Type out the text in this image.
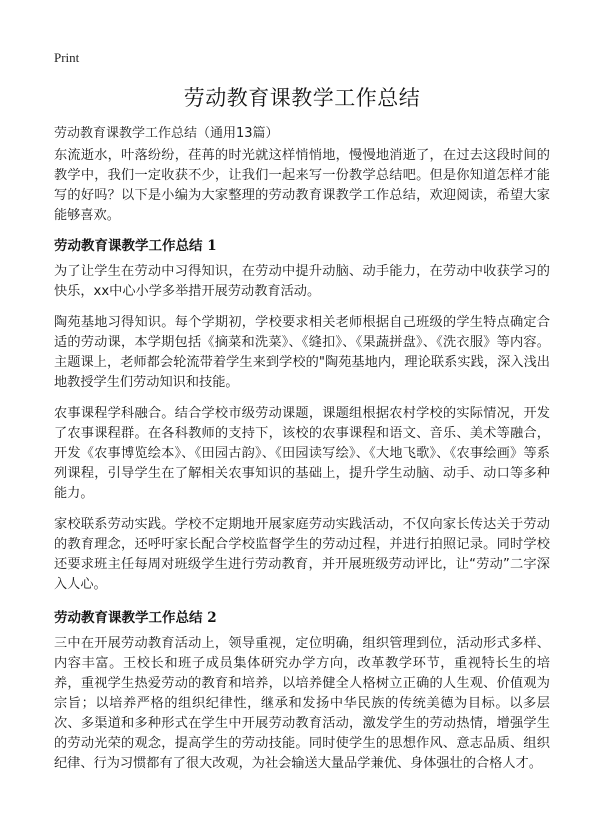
Print
劳动教育课教学工作总结
劳动教育课教学工作总结（通用13篇）

东流逝水，叶落纷纷，荏苒的时光就这样悄悄地，慢慢地消逝了，在过去这段时间的教学中，我们一定收获不少，让我们一起来写一份教学总结吧。但是你知道怎样才能写的好吗？以下是小编为大家整理的劳动教育课教学工作总结，欢迎阅读，希望大家能够喜欢。

劳动教育课教学工作总结 1

为了让学生在劳动中习得知识，在劳动中提升动脑、动手能力，在劳动中收获学习的快乐，xx中心小学多举措开展劳动教育活动。

陶苑基地习得知识。每个学期初，学校要求相关老师根据自己班级的学生特点确定合适的劳动课，本学期包括《摘菜和洗菜》、《缝扣》、《果蔬拼盘》、《洗衣服》等内容。主题课上，老师都会轮流带着学生来到学校的"陶苑基地内，理论联系实践，深入浅出地教授学生们劳动知识和技能。

农事课程学科融合。结合学校市级劳动课题，课题组根据农村学校的实际情况，开发了农事课程群。在各科教师的支持下，该校的农事课程和语文、音乐、美术等融合，开发《农事博览绘本》、《田园古韵》、《田园读写绘》、《大地飞歌》、《农事绘画》等系列课程，引导学生在了解相关农事知识的基础上，提升学生动脑、动手、动口等多种能力。

家校联系劳动实践。学校不定期地开展家庭劳动实践活动，不仅向家长传达关于劳动的教育理念，还呼吁家长配合学校监督学生的劳动过程，并进行拍照记录。同时学校还要求班主任每周对班级学生进行劳动教育，并开展班级劳动评比，让“劳动”二字深入人心。

劳动教育课教学工作总结 2

三中在开展劳动教育活动上，领导重视，定位明确，组织管理到位，活动形式多样、内容丰富。王校长和班子成员集体研究办学方向，改革教学环节，重视特长生的培养，重视学生热爱劳动的教育和培养，以培养健全人格树立正确的人生观、价值观为宗旨；以培养严格的组织纪律性，继承和发扬中华民族的传统美德为目标。以多层次、多渠道和多种形式在学生中开展劳动教育活动，激发学生的劳动热情，增强学生的劳动光荣的观念，提高学生的劳动技能。同时使学生的思想作风、意志品质、组织纪律、行为习惯都有了很大改观，为社会输送大量品学兼优、身体强壮的合格人才。
